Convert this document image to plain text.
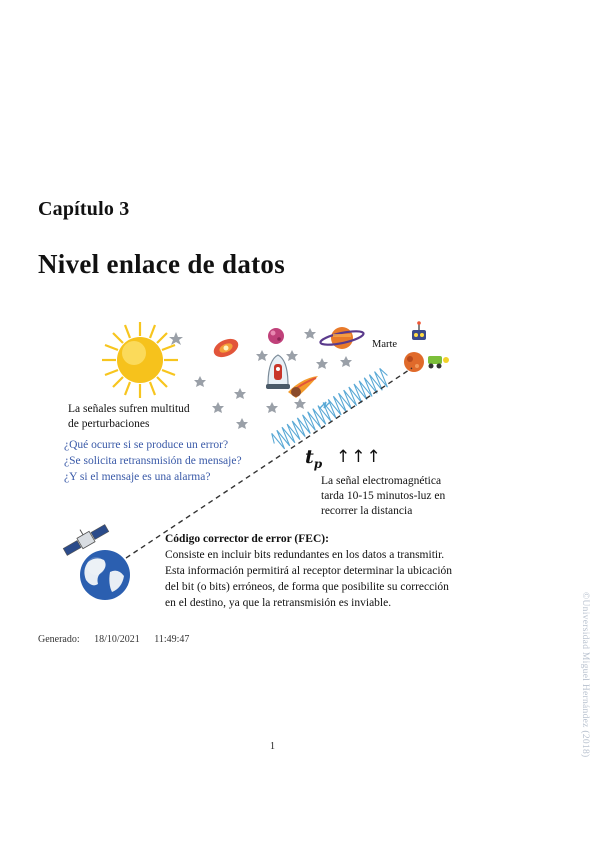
Capítulo 3
Nivel enlace de datos
Marte
La señales sufren multitud
de perturbaciones
¿Qué ocurre si se produce un error?
¿Se solicita retransmisión de mensaje?
¿Y si el mensaje es una alarma?
$t_p$ ↑↑↑
La señal electromagnética
tarda 10-15 minutos-luz en
recorrer la distancia
Código corrector de error (FEC):
Consiste en incluir bits redundantes en los datos a transmitir.
Esta información permitirá al receptor determinar la ubicación
del bit (o bits) erróneos, de forma que posibilite su corrección
en el destino, ya que la retransmisión es inviable.
Generado: 18/10/2021 11:49:47
1	©Universidad Miguel Hernández (2018)
